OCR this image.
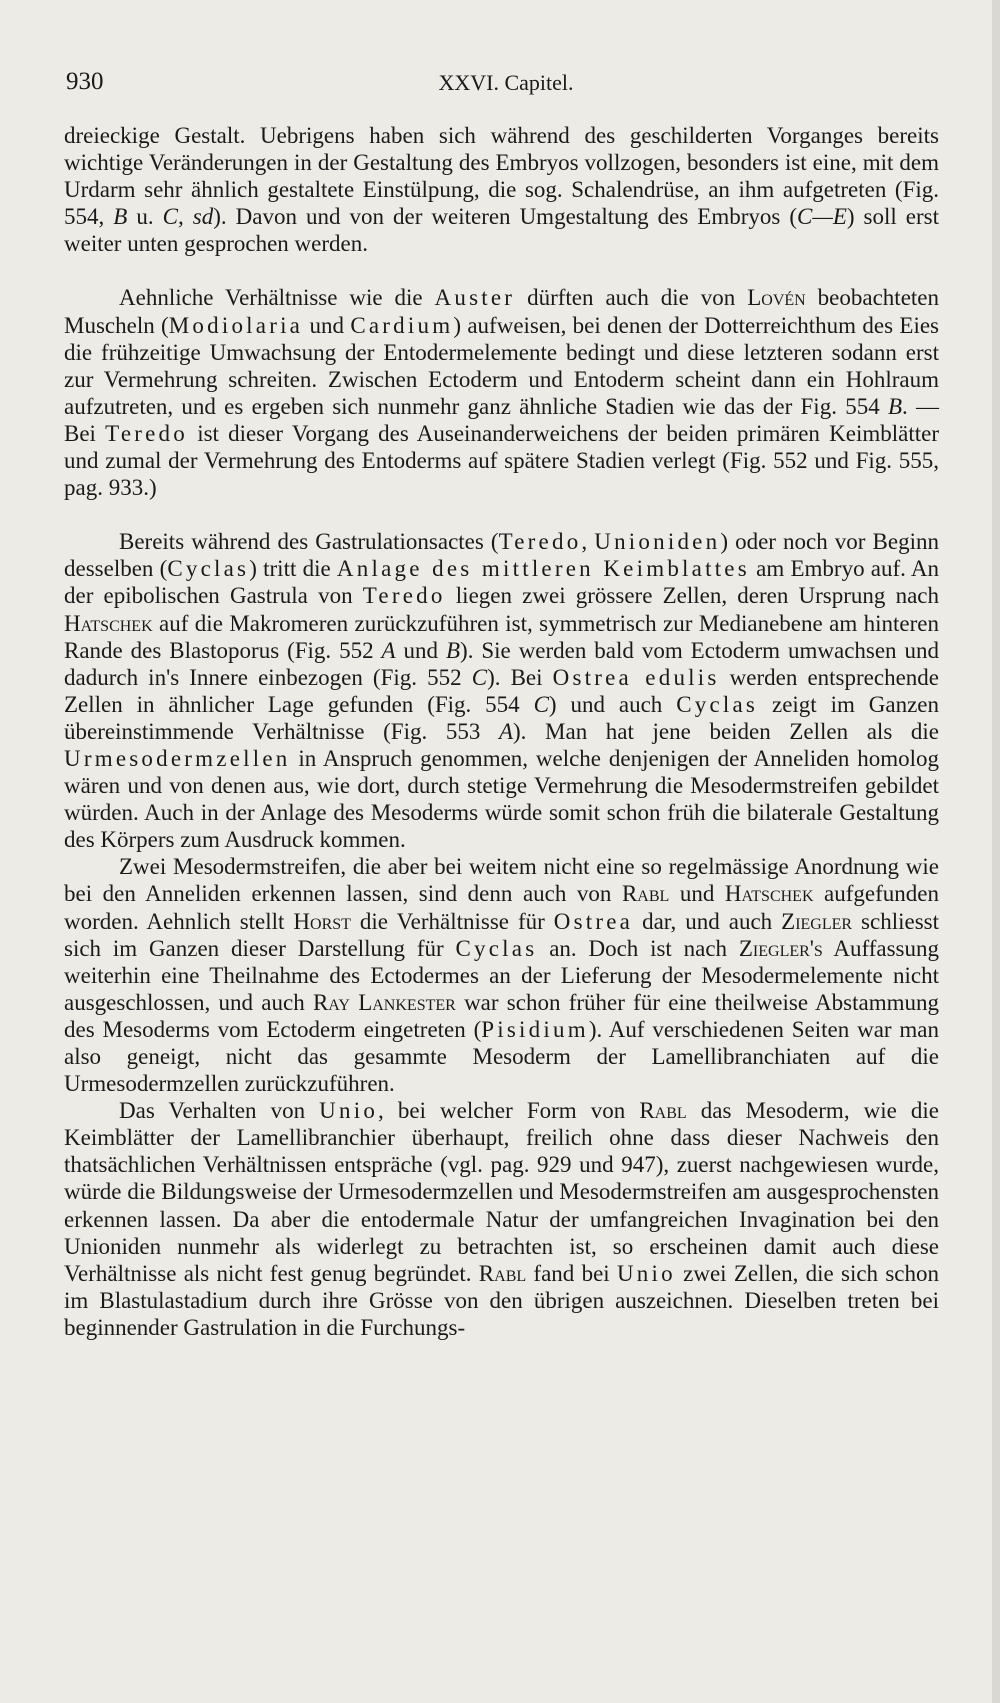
930	XXVI. Capitel.

dreieckige Gestalt. Uebrigens haben sich während des geschilderten Vorganges bereits wichtige Veränderungen in der Gestaltung des Embryos vollzogen, besonders ist eine, mit dem Urdarm sehr ähnlich gestaltete Einstülpung, die sog. Schalendrüse, an ihm aufgetreten (Fig. 554, B u. C, sd). Davon und von der weiteren Umgestaltung des Embryos (C—E) soll erst weiter unten gesprochen werden.

Aehnliche Verhältnisse wie die Auster dürften auch die von Lovén beobachteten Muscheln (Modiolaria und Cardium) aufweisen, bei denen der Dotterreichthum des Eies die frühzeitige Umwachsung der Entodermelemente bedingt und diese letzteren sodann erst zur Vermehrung schreiten. Zwischen Ectoderm und Entoderm scheint dann ein Hohlraum aufzutreten, und es ergeben sich nunmehr ganz ähnliche Stadien wie das der Fig. 554 B. — Bei Teredo ist dieser Vorgang des Auseinanderweichens der beiden primären Keimblätter und zumal der Vermehrung des Entoderms auf spätere Stadien verlegt (Fig. 552 und Fig. 555, pag. 933.)

Bereits während des Gastrulationsactes (Teredo, Unioniden) oder noch vor Beginn desselben (Cyclas) tritt die Anlage des mittleren Keimblattes am Embryo auf. An der epibolischen Gastrula von Teredo liegen zwei grössere Zellen, deren Ursprung nach Hatschek auf die Makromeren zurückzuführen ist, symmetrisch zur Medianebene am hinteren Rande des Blastoporus (Fig. 552 A und B). Sie werden bald vom Ectoderm umwachsen und dadurch in's Innere einbezogen (Fig. 552 C). Bei Ostrea edulis werden entsprechende Zellen in ähnlicher Lage gefunden (Fig. 554 C) und auch Cyclas zeigt im Ganzen übereinstimmende Verhältnisse (Fig. 553 A). Man hat jene beiden Zellen als die Urmesodermzellen in Anspruch genommen, welche denjenigen der Anneliden homolog wären und von denen aus, wie dort, durch stetige Vermehrung die Mesodermstreifen gebildet würden. Auch in der Anlage des Mesoderms würde somit schon früh die bilaterale Gestaltung des Körpers zum Ausdruck kommen.

Zwei Mesodermstreifen, die aber bei weitem nicht eine so regelmässige Anordnung wie bei den Anneliden erkennen lassen, sind denn auch von Rabl und Hatschek aufgefunden worden. Aehnlich stellt Horst die Verhältnisse für Ostrea dar, und auch Ziegler schliesst sich im Ganzen dieser Darstellung für Cyclas an. Doch ist nach Ziegler's Auffassung weiterhin eine Theilnahme des Ectodermes an der Lieferung der Mesodermelemente nicht ausgeschlossen, und auch Ray Lankester war schon früher für eine theilweise Abstammung des Mesoderms vom Ectoderm eingetreten (Pisidium). Auf verschiedenen Seiten war man also geneigt, nicht das gesammte Mesoderm der Lamellibranchiaten auf die Urmesodermzellen zurückzuführen.

Das Verhalten von Unio, bei welcher Form von Rabl das Mesoderm, wie die Keimblätter der Lamellibranchier überhaupt, freilich ohne dass dieser Nachweis den thatsächlichen Verhältnissen entspräche (vgl. pag. 929 und 947), zuerst nachgewiesen wurde, würde die Bildungsweise der Urmesodermzellen und Mesodermstreifen am ausgesprochensten erkennen lassen. Da aber die entodermale Natur der umfangreichen Invagination bei den Unioniden nunmehr als widerlegt zu betrachten ist, so erscheinen damit auch diese Verhältnisse als nicht fest genug begründet. Rabl fand bei Unio zwei Zellen, die sich schon im Blastulastadium durch ihre Grösse von den übrigen auszeichnen. Dieselben treten bei beginnender Gastrulation in die Furchungs-
